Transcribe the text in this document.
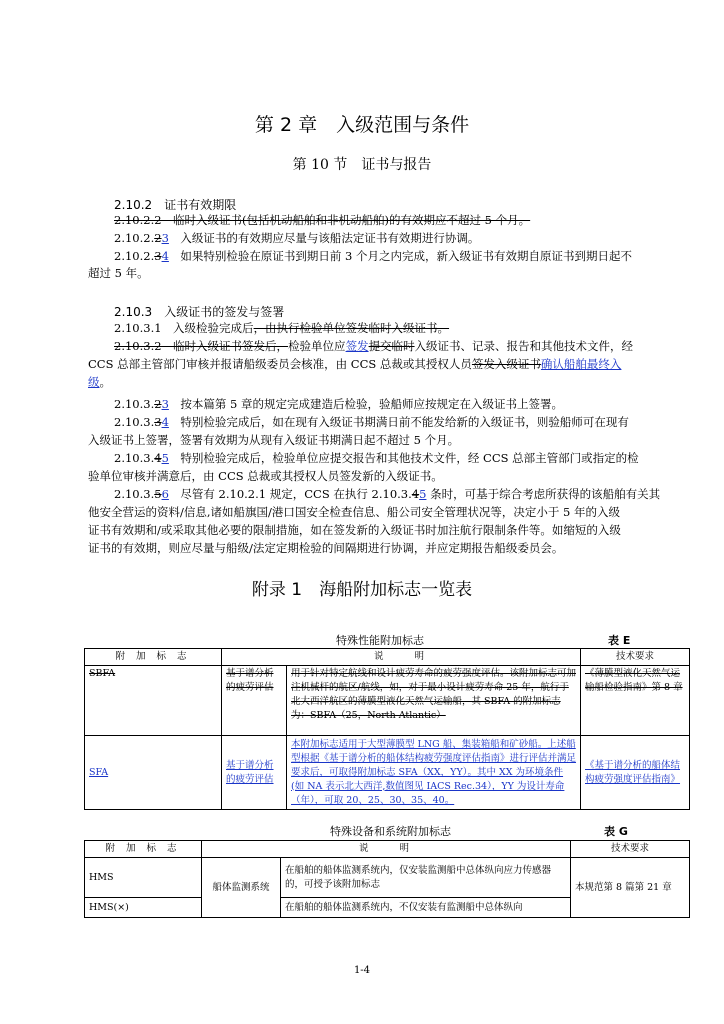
第 2 章　入级范围与条件
第 10 节　证书与报告
2.10.2　 证书有效期限
2.10.2.2　临时入级证书(包括机动船舶和非机动船舶)的有效期应不超过 5 个月。
2.10.2.23　入级证书的有效期应尽量与该船法定证书有效期进行协调。
2.10.2.34　如果特别检验在原证书到期日前 3 个月之内完成，新入级证书有效期自原证书到期日起不
超过 5 年。
2.10.3　 入级证书的签发与签署
2.10.3.1　入级检验完成后，由执行检验单位签发临时入级证书。
2.10.3.2　临时入级证书签发后，检验单位应签发提交临时入级证书、记录、报告和其他技术文件，经
CCS 总部主管部门审核并报请船级委员会核准，由 CCS 总裁或其授权人员签发入级证书确认船舶最终入
级。
2.10.3.23　按本篇第 5 章的规定完成建造后检验，验船师应按规定在入级证书上签署。
2.10.3.34　特别检验完成后，如在现有入级证书期满日前不能发给新的入级证书，则验船师可在现有
入级证书上签署，签署有效期为从现有入级证书期满日起不超过 5 个月。
2.10.3.45　特别检验完成后，检验单位应提交报告和其他技术文件，经 CCS 总部主管部门或指定的检
验单位审核并满意后，由 CCS 总裁或其授权人员签发新的入级证书。
2.10.3.56　尽管有 2.10.2.1 规定，CCS 在执行 2.10.3.45 条时，可基于综合考虑所获得的该船舶有关其
他安全营运的资料/信息,诸如船旗国/港口国安全检查信息、船公司安全管理状况等，决定小于 5 年的入级
证书有效期和/或采取其他必要的限制措施，如在签发新的入级证书时加注航行限制条件等。如缩短的入级
证书的有效期，则应尽量与船级/法定定期检验的间隔期进行协调，并应定期报告船级委员会。
附录 1　海船附加标志一览表
特殊性能附加标志	表 E
附 加 标 志	说　　明		技术要求
SBFA	基于谱分析的疲劳评估	用于针对特定航线和设计疲劳寿命的疲劳强度评估。该附加标志可加注机械杆的航区/航线，如，对于最小设计疲劳寿命 25 年，航行于北大西洋航区的薄膜型液化天然气运输船，其 SBFA 的附加标志为：SBFA（25，North Atlantic）	《薄膜型液化天然气运输船检验指南》第 8 章
SFA	基于谱分析的疲劳评估	本附加标志适用于大型薄膜型 LNG 船、集装箱船和矿砂船。上述船型根据《基于谱分析的船体结构疲劳强度评估指南》进行评估并满足要求后，可取得附加标志 SFA（XX，YY）。其中 XX 为环境条件(如 NA 表示北大西洋,数值图见 IACS Rec.34），YY 为设计寿命（年），可取 20、25、30、35、40。	《基于谱分析的船体结构疲劳强度评估指南》
特殊设备和系统附加标志	表 G
附 加 标 志	说　　明		技术要求
HMS	船体监测系统	在船舶的船体监测系统内，仅安装监测船中总体纵向应力传感器的，可授予该附加标志	本规范第 8 篇第 21 章
HMS(×)		在船舶的船体监测系统内，不仅安装有监测船中总体纵向	
1-4
